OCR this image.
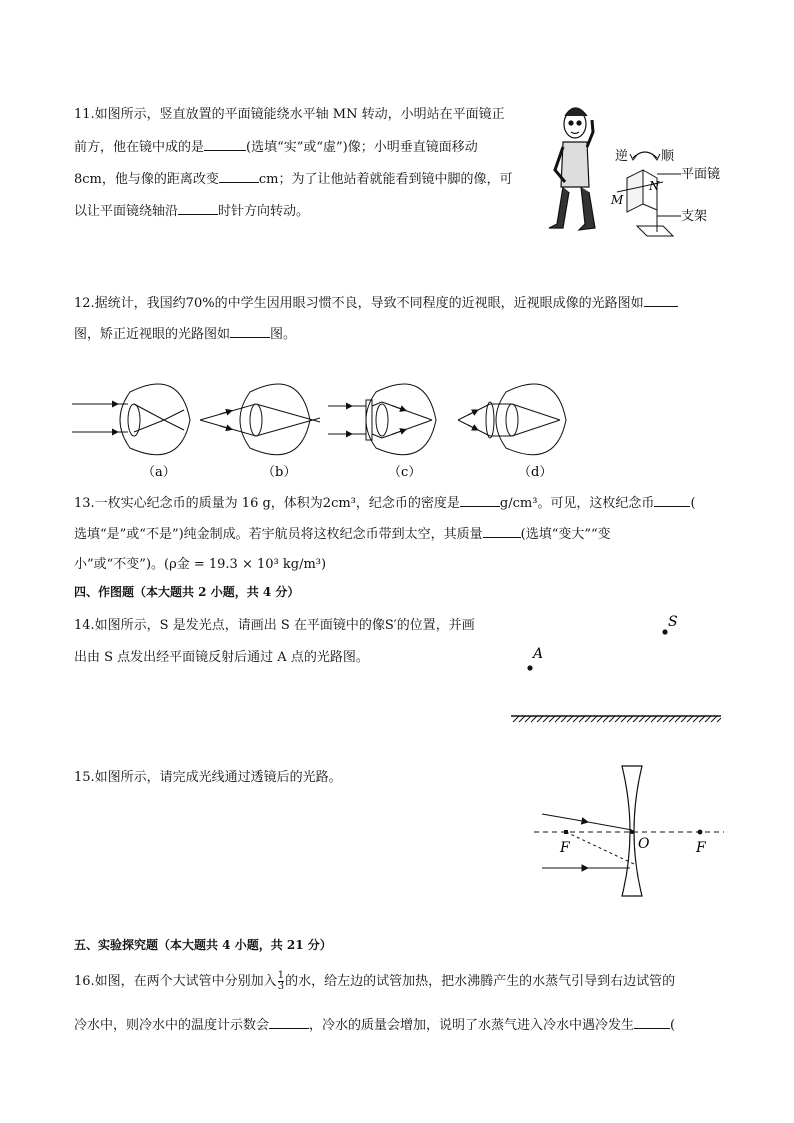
11.如图所示，竖直放置的平面镜能绕水平轴 MN 转动，小明站在平面镜正
前方，他在镜中成的是	(选填“实”或“虚”)像；小明垂直镜面移动
8cm，他与像的距离改变	cm；为了让他站着就能看到镜中脚的像，可
以让平面镜绕轴沿	时针方向转动。
逆	顺
N
M
平面镜
支架
12.据统计，我国约70%的中学生因用眼习惯不良，导致不同程度的近视眼，近视眼成像的光路图如
图，矫正近视眼的光路图如	图。
（a）	（b）	（c）	（d）
13.一枚实心纪念币的质量为 16 g，体积为2cm³，纪念币的密度是	g/cm³。可见，这枚纪念币	(
选填“是”或“不是”)纯金制成。若宇航员将这枚纪念币带到太空，其质量	(选填“变大”“变
小”或“不变”)。(ρ金 = 19.3 × 10³ kg/m³)
四、作图题（本大题共 2 小题，共 4 分）
14.如图所示，S 是发光点，请画出 S 在平面镜中的像S′的位置，并画
出由 S 点发出经平面镜反射后通过 A 点的光路图。
S
A
15.如图所示，请完成光线通过透镜后的光路。
F	O	F
五、实验探究题（本大题共 4 小题，共 21 分）
16.如图，在两个大试管中分别加入 $\frac{1}{3}$ 的水，给左边的试管加热，把水沸腾产生的水蒸气引导到右边试管的
冷水中，则冷水中的温度计示数会	，冷水的质量会增加，说明了水蒸气进入冷水中遇冷发生	(
